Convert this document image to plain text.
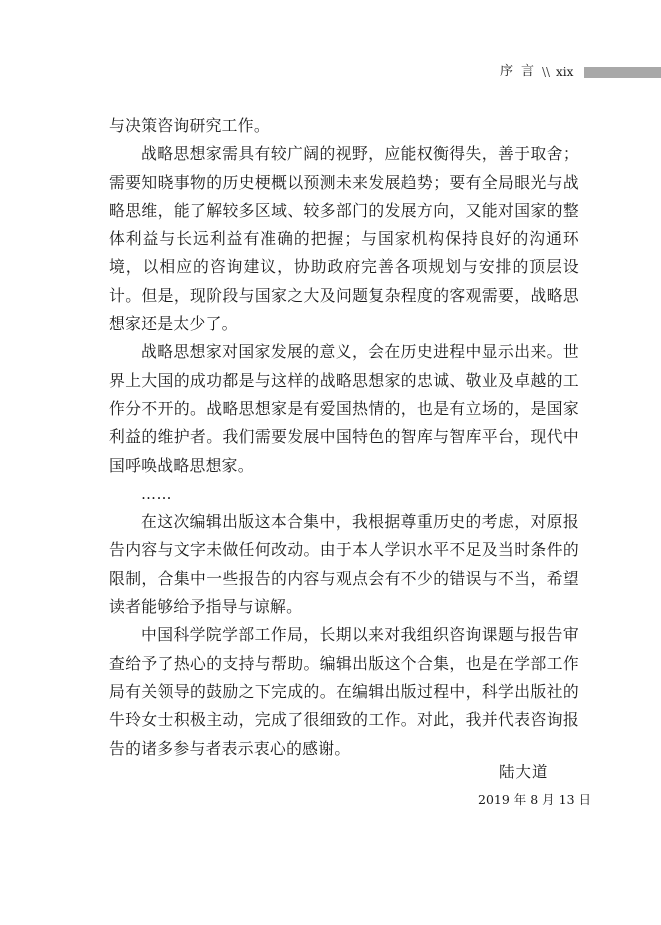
序言 \\ xix

与决策咨询研究工作。

战略思想家需具有较广阔的视野，应能权衡得失，善于取舍；需要知晓事物的历史梗概以预测未来发展趋势；要有全局眼光与战略思维，能了解较多区域、较多部门的发展方向，又能对国家的整体利益与长远利益有准确的把握；与国家机构保持良好的沟通环境，以相应的咨询建议，协助政府完善各项规划与安排的顶层设计。但是，现阶段与国家之大及问题复杂程度的客观需要，战略思想家还是太少了。

战略思想家对国家发展的意义，会在历史进程中显示出来。世界上大国的成功都是与这样的战略思想家的忠诚、敬业及卓越的工作分不开的。战略思想家是有爱国热情的，也是有立场的，是国家利益的维护者。我们需要发展中国特色的智库与智库平台，现代中国呼唤战略思想家。

……

在这次编辑出版这本合集中，我根据尊重历史的考虑，对原报告内容与文字未做任何改动。由于本人学识水平不足及当时条件的限制，合集中一些报告的内容与观点会有不少的错误与不当，希望读者能够给予指导与谅解。

中国科学院学部工作局，长期以来对我组织咨询课题与报告审查给予了热心的支持与帮助。编辑出版这个合集，也是在学部工作局有关领导的鼓励之下完成的。在编辑出版过程中，科学出版社的牛玲女士积极主动，完成了很细致的工作。对此，我并代表咨询报告的诸多参与者表示衷心的感谢。

陆大道
2019 年 8 月 13 日
